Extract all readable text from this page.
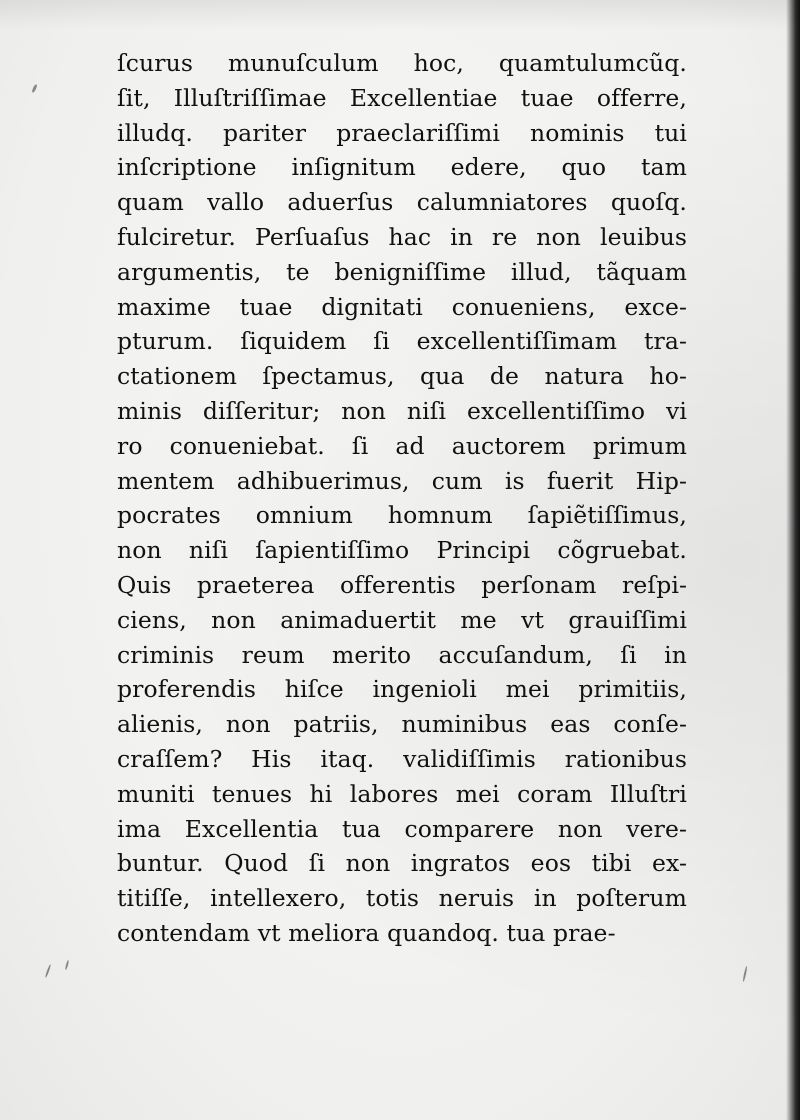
ſcurus munuſculum hoc, quamtulumcũq.
ſit, Illuſtriſſimae Excellentiae tuae offerre,
illudq. pariter praeclariſſimi nominis tui
inſcriptione inſignitum edere, quo tam
quam vallo aduerſus calumniatores quoſq.
fulciretur. Perſuaſus hac in re non leuibus
argumentis, te benigniſſime illud, tãquam
maxime tuae dignitati conueniens, exce-
pturum. ſiquidem ſi excellentiſſimam tra-
ctationem ſpectamus, qua de natura ho-
minis diſſeritur; non niſi excellentiſſimo vi
ro conueniebat. ſi ad auctorem primum
mentem adhibuerimus, cum is fuerit Hip-
pocrates omnium homnum ſapiẽtiſſimus,
non niſi ſapientiſſimo Principi cõgruebat.
Quis praeterea offerentis perſonam reſpi-
ciens, non animaduertit me vt grauiſſimi
criminis reum merito accuſandum, ſi in
proferendis hiſce ingenioli mei primitiis,
alienis, non patriis, numinibus eas conſe-
craſſem? His itaq. validiſſimis rationibus
muniti tenues hi labores mei coram Illuſtri
ima Excellentia tua comparere non vere-
buntur. Quod ſi non ingratos eos tibi ex-
titiſſe, intellexero, totis neruis in poſterum
contendam vt meliora quandoq. tua prae-
